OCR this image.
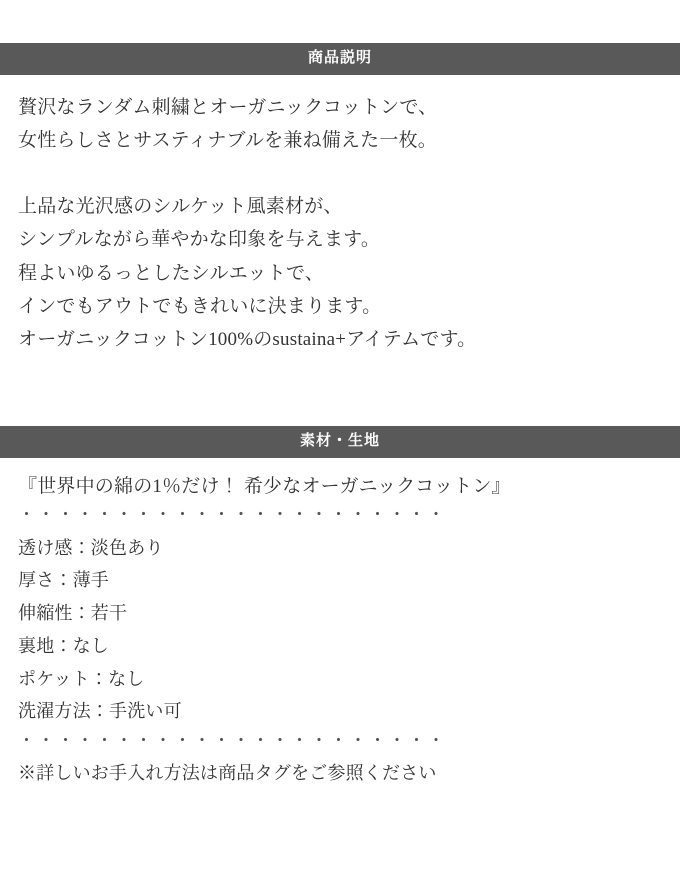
商品説明
贅沢なランダム刺繍とオーガニックコットンで、
女性らしさとサスティナブルを兼ね備えた一枚。
上品な光沢感のシルケット風素材が、
シンプルながら華やかな印象を与えます。
程よいゆるっとしたシルエットで、
インでもアウトでもきれいに決まります。
オーガニックコットン100%のsustaina+アイテムです。
素材・生地
『世界中の綿の1％だけ！ 希少なオーガニックコットン』
・・・・・・・・・・・・・・・・・・・・・・
透け感：淡色あり
厚さ：薄手
伸縮性：若干
裏地：なし
ポケット：なし
洗濯方法：手洗い可
・・・・・・・・・・・・・・・・・・・・・・
※詳しいお手入れ方法は商品タグをご参照ください
